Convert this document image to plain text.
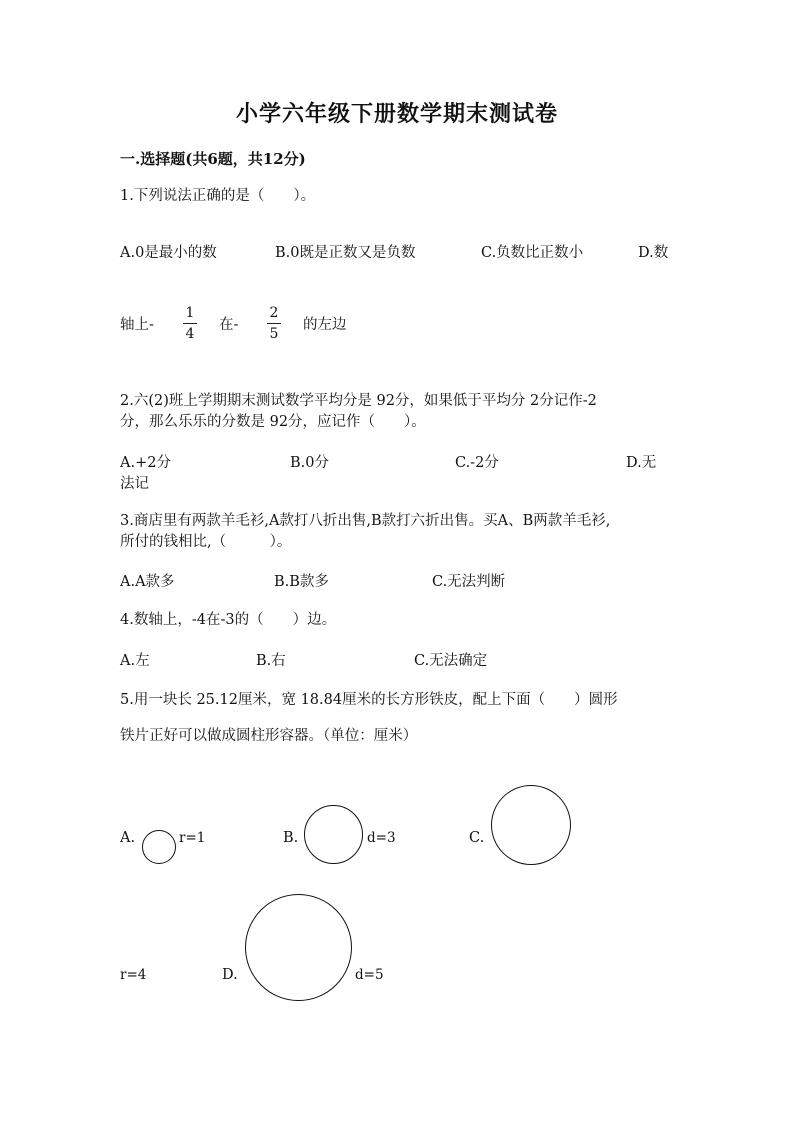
小学六年级下册数学期末测试卷
一.选择题(共6题，共12分)
1.下列说法正确的是（　　）。
A.0是最小的数	B.0既是正数又是负数	C.负数比正数小	D.数
轴上-
1
4
在-
2
5
的左边
2.六(2)班上学期期末测试数学平均分是 92分，如果低于平均分 2分记作-2
分，那么乐乐的分数是 92分，应记作（　　）。
A.+2分	B.0分	C.-2分	D.无
法记
3.商店里有两款羊毛衫,A款打八折出售,B款打六折出售。买A、B两款羊毛衫,
所付的钱相比,（　　　）。
A.A款多	B.B款多	C.无法判断
4.数轴上，-4在-3的（　　）边。
A.左	B.右	C.无法确定
5.用一块长 25.12厘米，宽 18.84厘米的长方形铁皮，配上下面（　　）圆形
铁片正好可以做成圆柱形容器。（单位：厘米）
A.	r=1	B.	d=3	C.
r=4	D.	d=5
